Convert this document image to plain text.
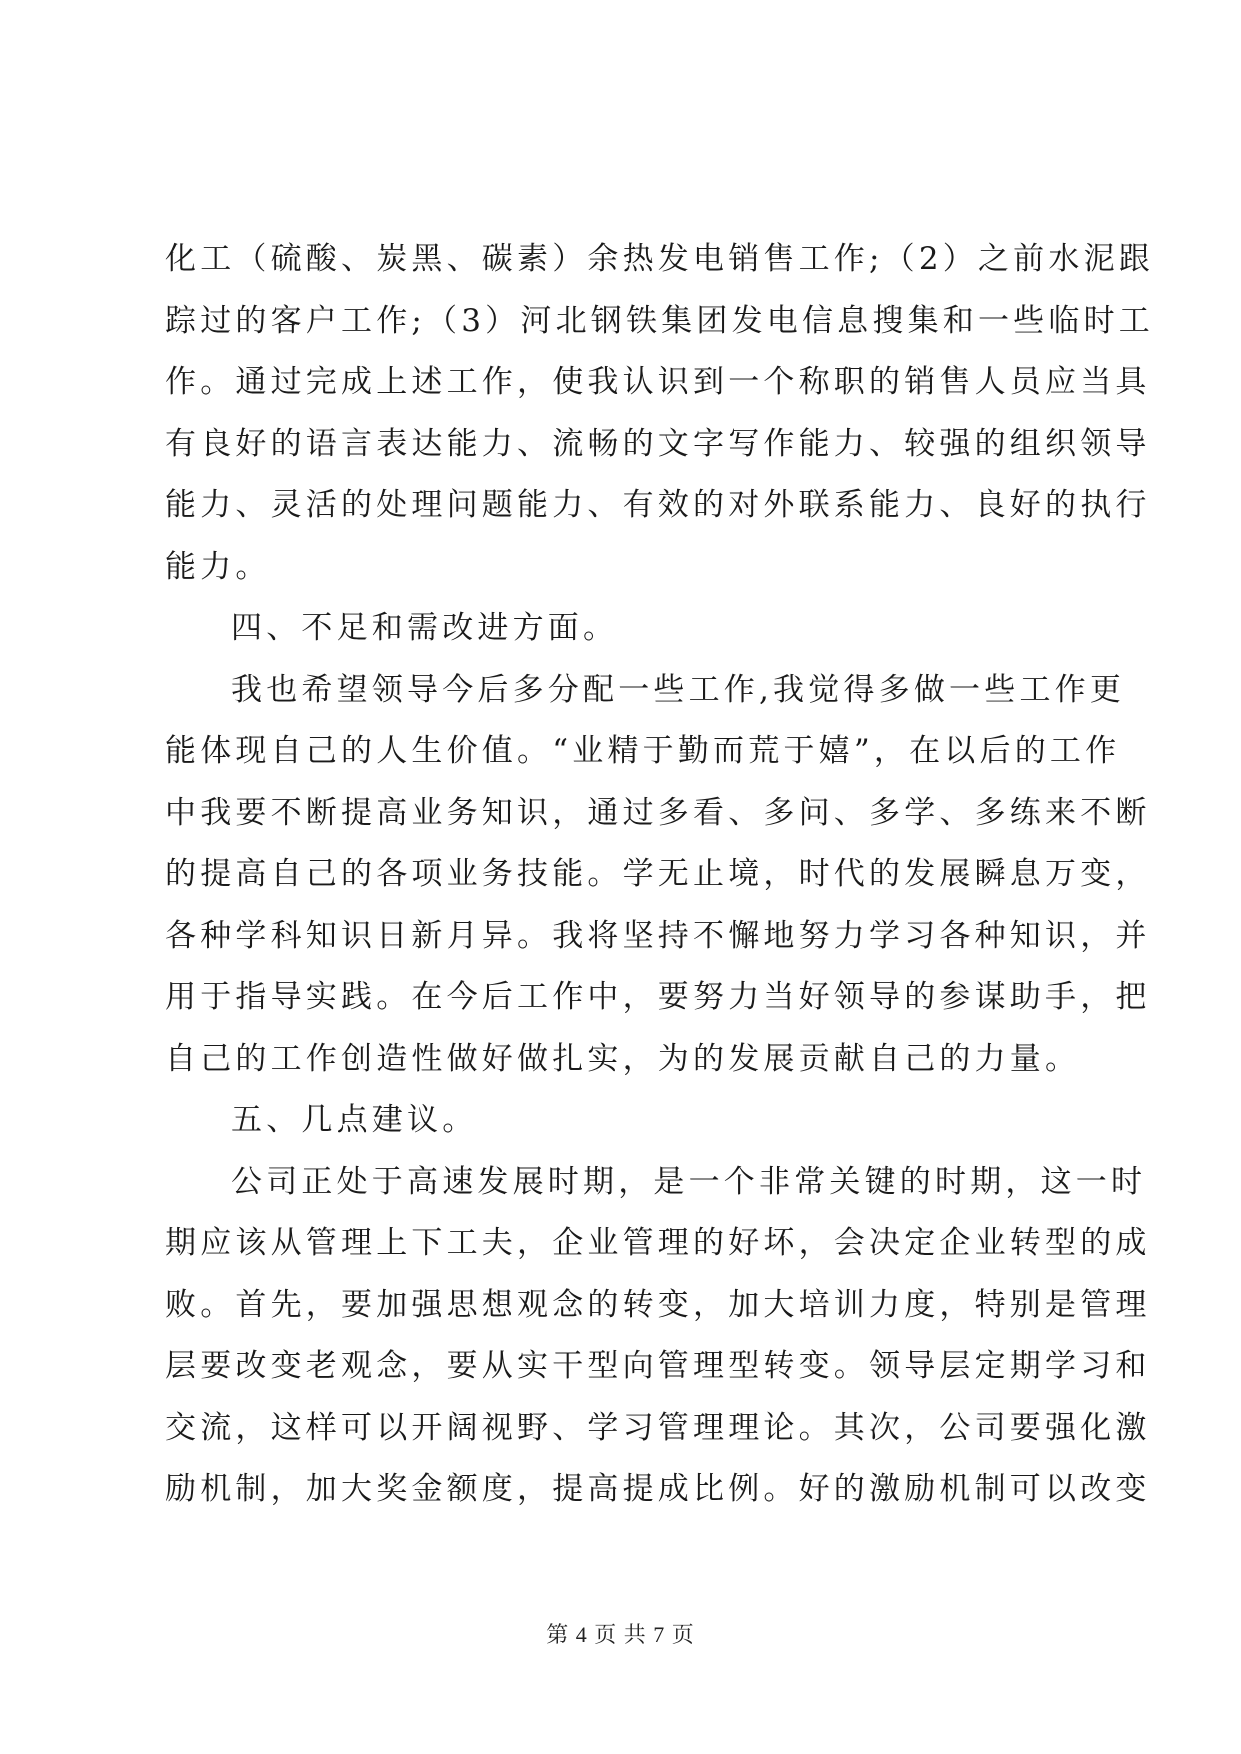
化工（硫酸、炭黑、碳素）余热发电销售工作;（2）之前水泥跟
踪过的客户工作;（3）河北钢铁集团发电信息搜集和一些临时工
作。通过完成上述工作，使我认识到一个称职的销售人员应当具
有良好的语言表达能力、流畅的文字写作能力、较强的组织领导
能力、灵活的处理问题能力、有效的对外联系能力、良好的执行
能力。
四、不足和需改进方面。
我也希望领导今后多分配一些工作,我觉得多做一些工作更
能体现自己的人生价值。“业精于勤而荒于嬉”，在以后的工作
中我要不断提高业务知识，通过多看、多问、多学、多练来不断
的提高自己的各项业务技能。学无止境，时代的发展瞬息万变，
各种学科知识日新月异。我将坚持不懈地努力学习各种知识，并
用于指导实践。在今后工作中，要努力当好领导的参谋助手，把
自己的工作创造性做好做扎实，为的发展贡献自己的力量。
五、几点建议。
公司正处于高速发展时期，是一个非常关键的时期，这一时
期应该从管理上下工夫，企业管理的好坏，会决定企业转型的成
败。首先，要加强思想观念的转变，加大培训力度，特别是管理
层要改变老观念，要从实干型向管理型转变。领导层定期学习和
交流，这样可以开阔视野、学习管理理论。其次，公司要强化激
励机制，加大奖金额度，提高提成比例。好的激励机制可以改变
第 4 页 共 7 页
